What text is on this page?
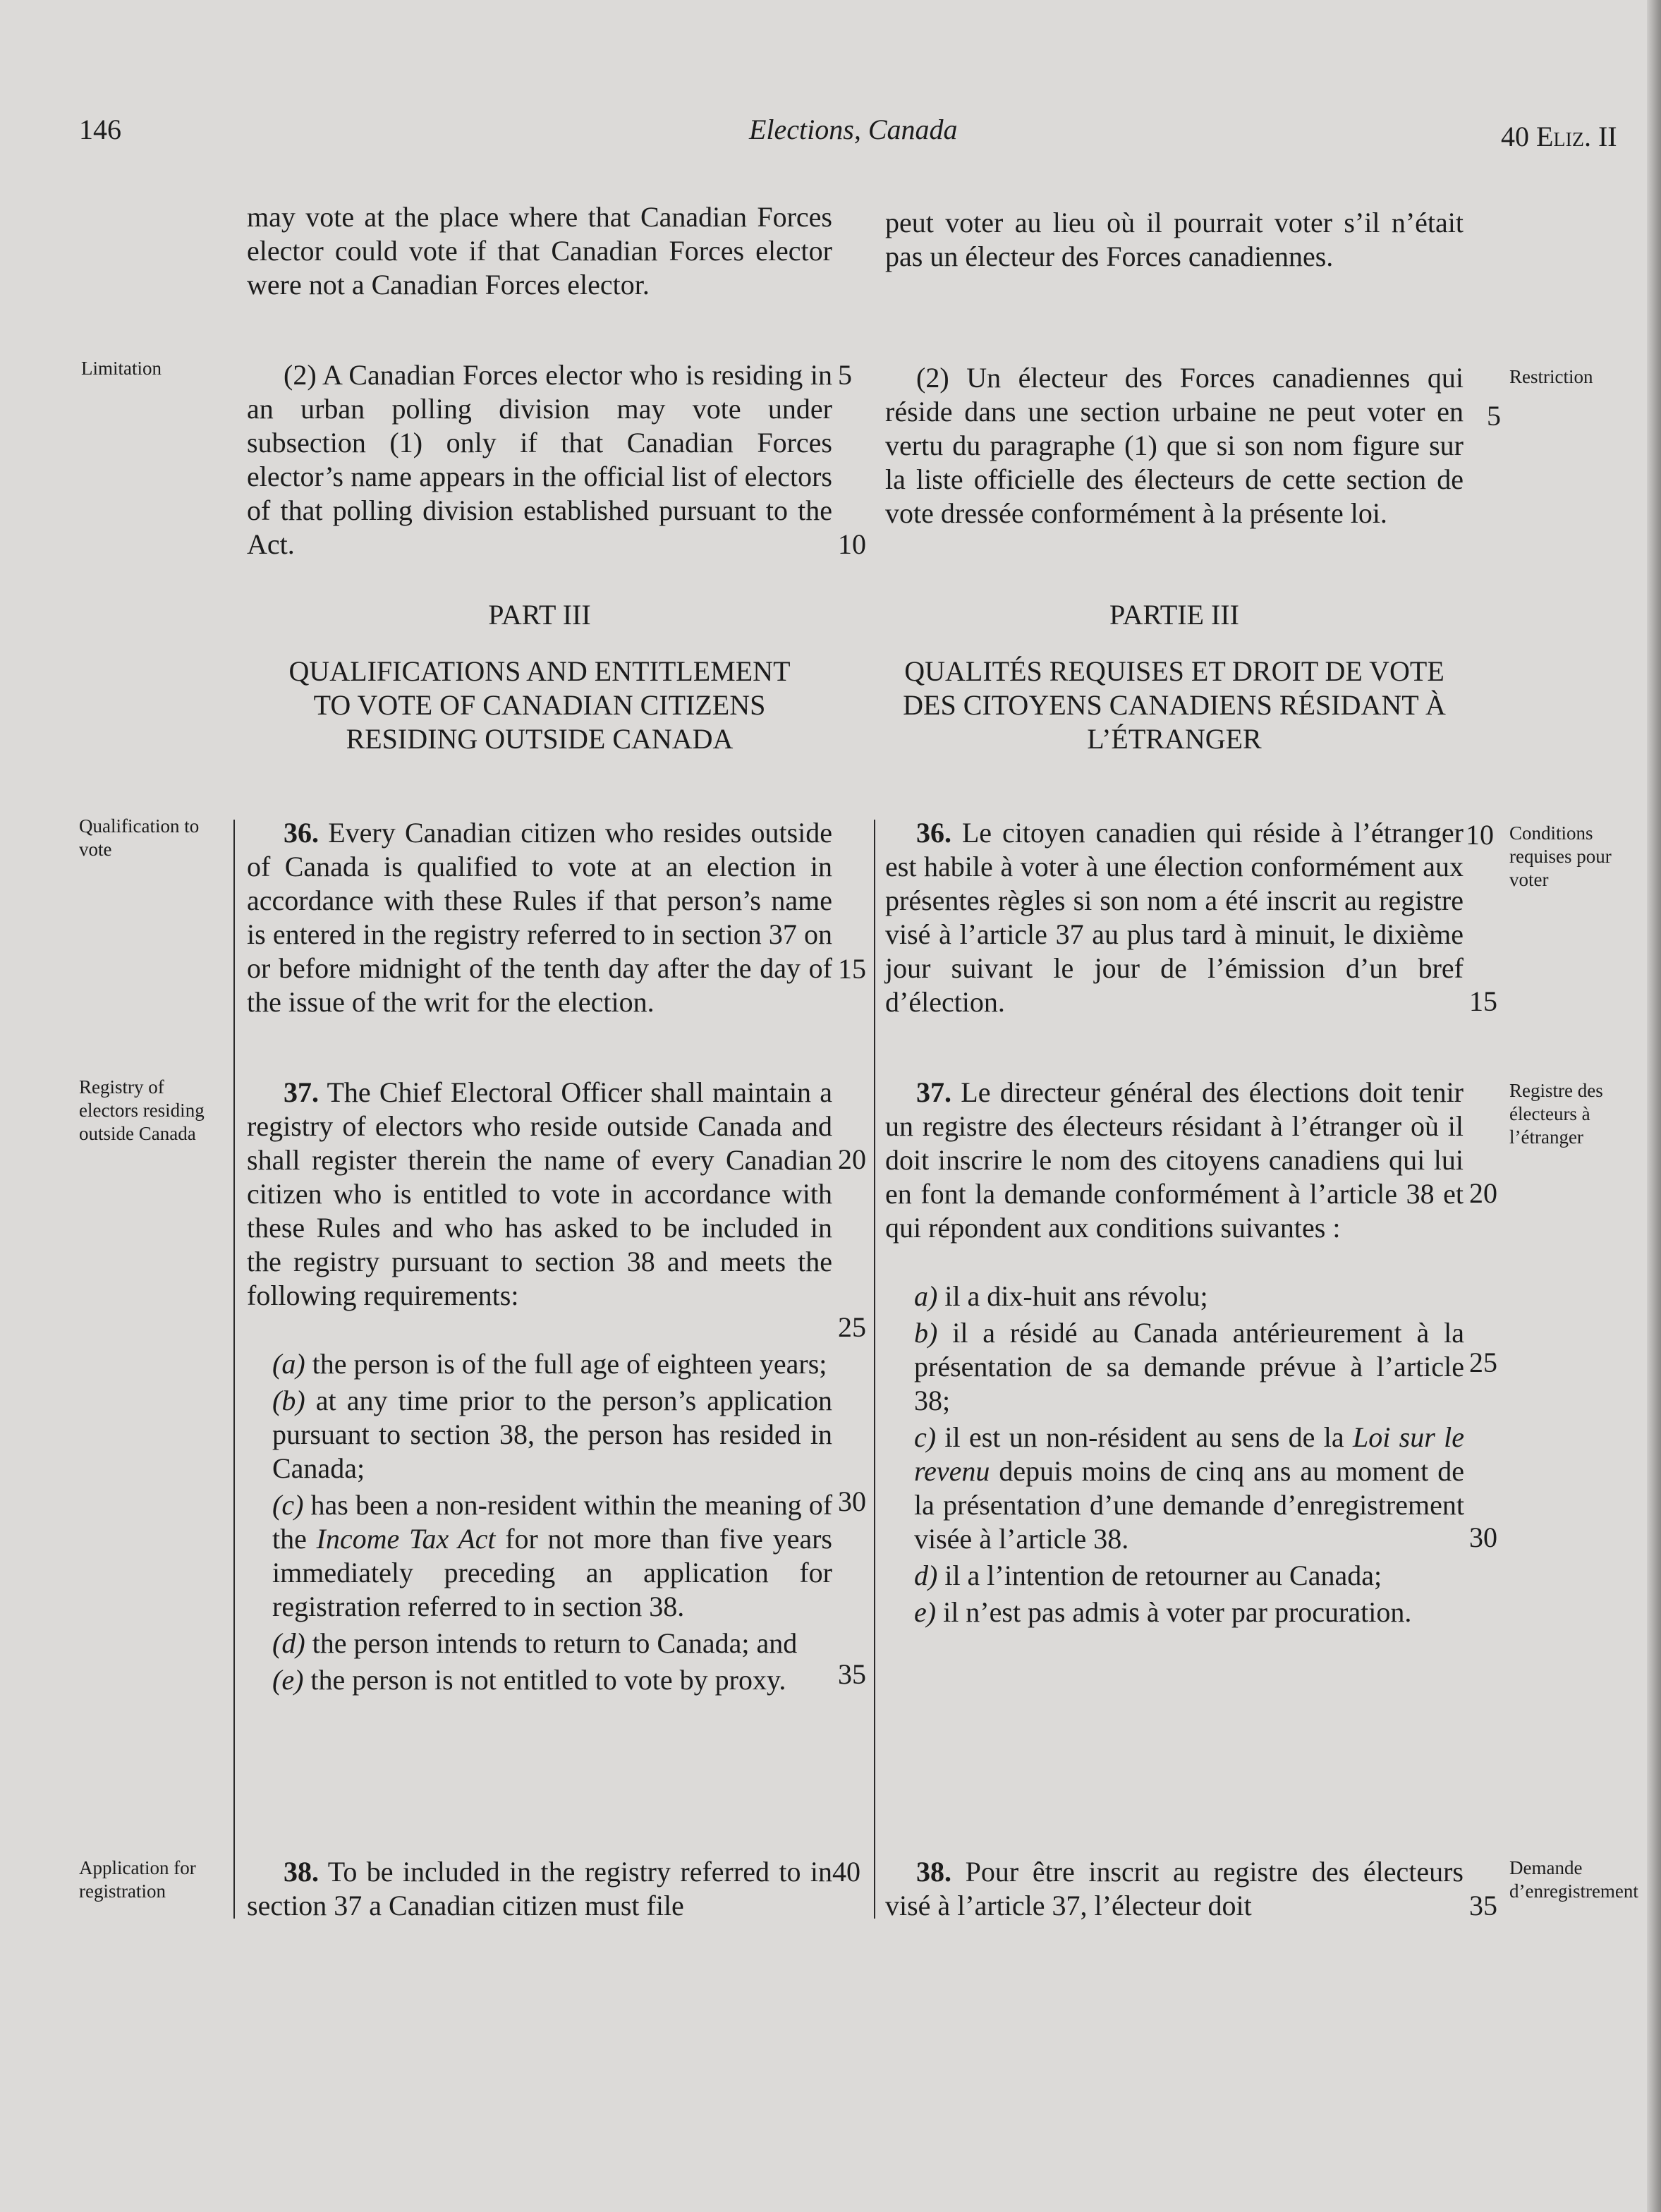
146	Elections, Canada	40 Eliz. II
may vote at the place where that Canadian Forces elector could vote if that Canadian Forces elector were not a Canadian Forces elector.
Limitation	(2) A Canadian Forces elector who is residing in an urban polling division may vote under subsection (1) only if that Canadian Forces elector’s name appears in the official list of electors of that polling division established pursuant to the Act.
PART III
QUALIFICATIONS AND ENTITLEMENT TO VOTE OF CANADIAN CITIZENS RESIDING OUTSIDE CANADA
Qualification to vote
36. Every Canadian citizen who resides outside of Canada is qualified to vote at an election in accordance with these Rules if that person’s name is entered in the registry referred to in section 37 on or before midnight of the tenth day after the day of the issue of the writ for the election.
Registry of electors residing outside Canada
37. The Chief Electoral Officer shall maintain a registry of electors who reside outside Canada and shall register therein the name of every Canadian citizen who is entitled to vote in accordance with these Rules and who has asked to be included in the registry pursuant to section 38 and meets the following requirements:
(a) the person is of the full age of eighteen years;
(b) at any time prior to the person’s application pursuant to section 38, the person has resided in Canada;
(c) has been a non-resident within the meaning of the Income Tax Act for not more than five years immediately preceding an application for registration referred to in section 38.
(d) the person intends to return to Canada; and
(e) the person is not entitled to vote by proxy.
Application for registration
38. To be included in the registry referred to in section 37 a Canadian citizen must file
5
10
15
20
25
30
35
40
peut voter au lieu où il pourrait voter s’il n’était pas un électeur des Forces canadiennes.
(2) Un électeur des Forces canadiennes qui réside dans une section urbaine ne peut voter en vertu du paragraphe (1) que si son nom figure sur la liste officielle des électeurs de cette section de vote dressée conformément à la présente loi.
Restriction
PARTIE III
QUALITÉS REQUISES ET DROIT DE VOTE DES CITOYENS CANADIENS RÉSIDANT À L’ÉTRANGER
36. Le citoyen canadien qui réside à l’étranger est habile à voter à une élection conformément aux présentes règles si son nom a été inscrit au registre visé à l’article 37 au plus tard à minuit, le dixième jour suivant le jour de l’émission d’un bref d’élection.
Conditions requises pour voter
37. Le directeur général des élections doit tenir un registre des électeurs résidant à l’étranger où il doit inscrire le nom des citoyens canadiens qui lui en font la demande conformément à l’article 38 et qui répondent aux conditions suivantes :
Registre des électeurs à l’étranger
a) il a dix-huit ans révolu;
b) il a résidé au Canada antérieurement à la présentation de sa demande prévue à l’article 38;
c) il est un non-résident au sens de la Loi sur le revenu depuis moins de cinq ans au moment de la présentation d’une demande d’enregistrement visée à l’article 38.
d) il a l’intention de retourner au Canada;
e) il n’est pas admis à voter par procuration.
38. Pour être inscrit au registre des électeurs visé à l’article 37, l’électeur doit
Demande d’enregistrement
5
10
15
20
25
30
35
